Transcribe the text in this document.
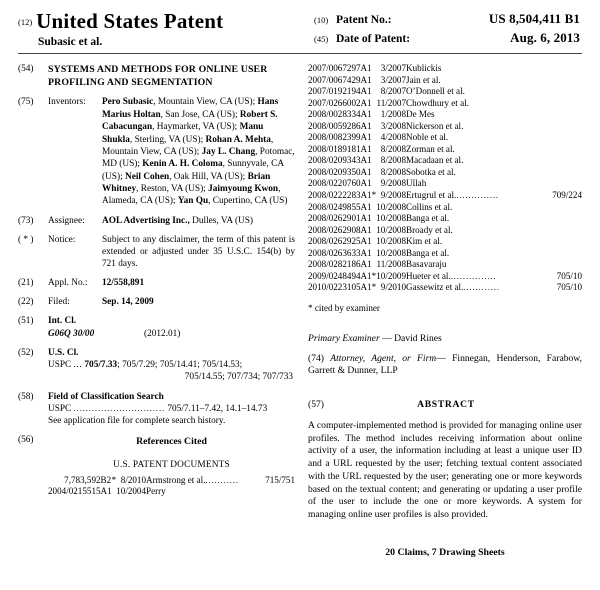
(12) United States Patent
Subasic et al.
(10) Patent No.:	US 8,504,411 B1
(45) Date of Patent:	Aug. 6, 2013
(54)	SYSTEMS AND METHODS FOR ONLINE USER PROFILING AND SEGMENTATION
(75)	Inventors:	Pero Subasic, Mountain View, CA (US); Hans Marius Holtan, San Jose, CA (US); Robert S. Cabacungan, Haymarket, VA (US); Manu Shukla, Sterling, VA (US); Rohan A. Mehta, Mountain View, CA (US); Jay L. Chang, Potomac, MD (US); Kenin A. H. Coloma, Sunnyvale, CA (US); Neil Cohen, Oak Hill, VA (US); Brian Whitney, Reston, VA (US); Jaimyoung Kwon, Alameda, CA (US); Yan Qu, Cupertino, CA (US)
(73)	Assignee:	AOL Advertising Inc., Dulles, VA (US)
( * )	Notice:	Subject to any disclaimer, the term of this patent is extended or adjusted under 35 U.S.C. 154(b) by 721 days.
(21)	Appl. No.:	12/558,891
(22)	Filed:	Sep. 14, 2009
(51)	Int. Cl.
G06Q 30/00	(2012.01)
(52)	U.S. Cl.
USPC ... 705/7.33; 705/7.29; 705/14.41; 705/14.53;
705/14.55; 707/734; 707/733
(58)	Field of Classification Search
USPC .............................. 705/7.11–7.42, 14.1–14.73
See application file for complete search history.
(56)	References Cited
U.S. PATENT DOCUMENTS
7,783,592	B2	*	8/2010	Armstrong et al............	715/751
2004/0215515	A1		10/2004	Perry	
2007/0067297	A1		3/2007	Kublickis	
2007/0067429	A1		3/2007	Jain et al.	
2007/0192194	A1		8/2007	O’Donnell et al.	
2007/0266002	A1		11/2007	Chowdhury et al.	
2008/0028334	A1		1/2008	De Mes	
2008/0059286	A1		3/2008	Nickerson et al.	
2008/0082399	A1		4/2008	Noble et al.	
2008/0189181	A1		8/2008	Zorman et al.	
2008/0209343	A1		8/2008	Macadaan et al.	
2008/0209350	A1		8/2008	Sobotka et al.	
2008/0220760	A1		9/2008	Ullah	
2008/0222283	A1	*	9/2008	Ertugrul et al...............	709/224
2008/0249855	A1		10/2008	Collins et al.	
2008/0262901	A1		10/2008	Banga et al.	
2008/0262908	A1		10/2008	Broady et al.	
2008/0262925	A1		10/2008	Kim et al.	
2008/0263633	A1		10/2008	Banga et al.	
2008/0282186	A1		11/2008	Basavaraju	
2009/0248494	A1	*	10/2009	Hueter et al................	705/10
2010/0223105	A1	*	9/2010	Gassewitz et al.............	705/10
* cited by examiner
Primary Examiner — David Rines
(74) Attorney, Agent, or Firm— Finnegan, Henderson, Farabow, Garrett & Dunner, LLP
(57)	ABSTRACT
A computer-implemented method is provided for managing online user profiles. The method includes receiving information about online activity of a user, the information including at least a unique user ID and a URL requested by the user; fetching textual content associated with the URL requested by the user; generating one or more keywords based on the textual content; and generating or updating a user profile of the user to include the one or more keywords. A system for managing online user profiles is also provided.
20 Claims, 7 Drawing Sheets
